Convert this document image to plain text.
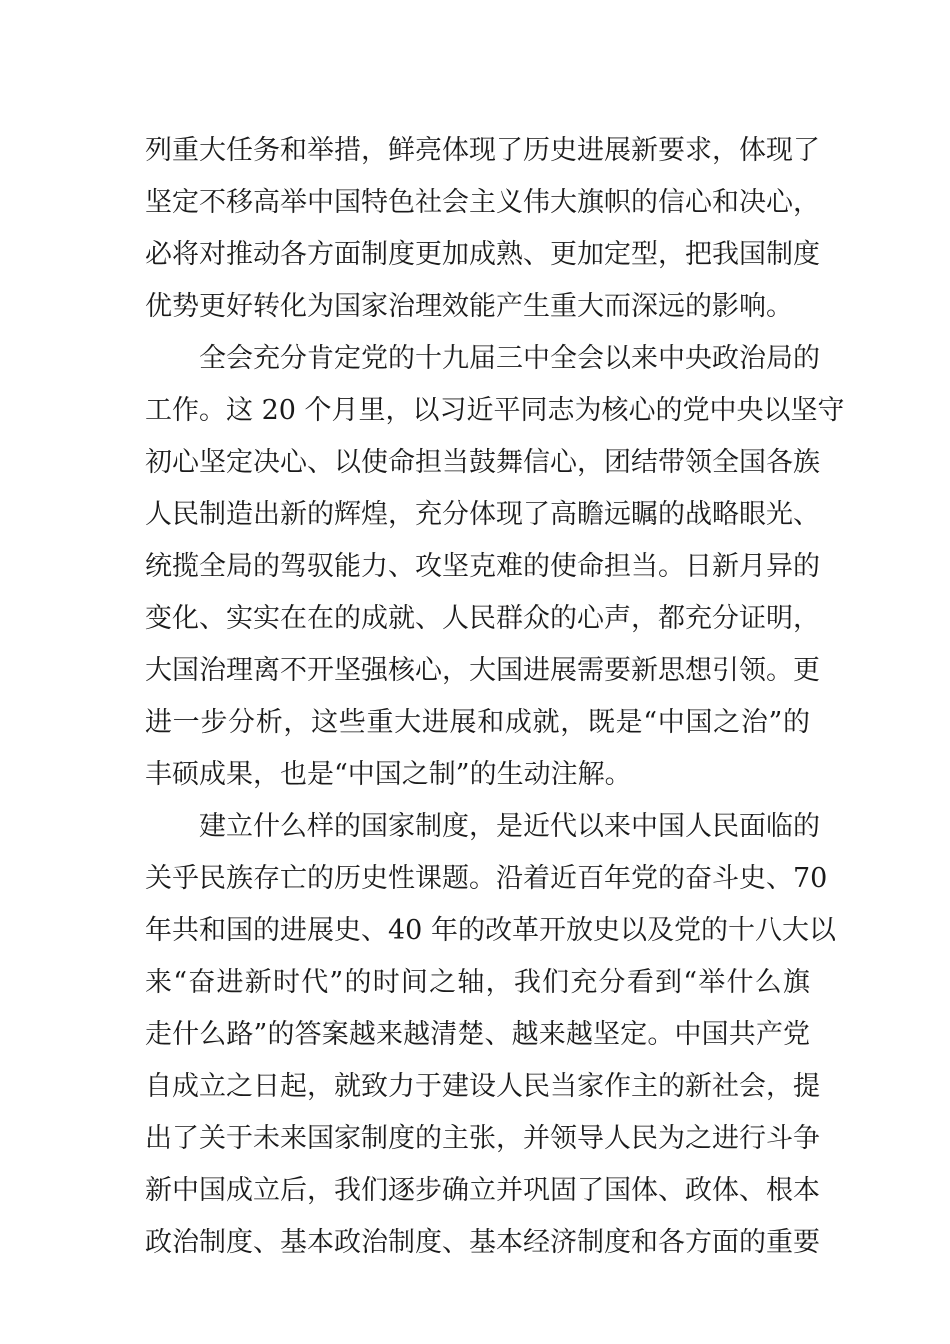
列重大任务和举措，鲜亮体现了历史进展新要求，体现了
坚定不移高举中国特色社会主义伟大旗帜的信心和决心，
必将对推动各方面制度更加成熟、更加定型，把我国制度
优势更好转化为国家治理效能产生重大而深远的影响。
全会充分肯定党的十九届三中全会以来中央政治局的
工作。这 20 个月里，以习近平同志为核心的党中央以坚守
初心坚定决心、以使命担当鼓舞信心，团结带领全国各族
人民制造出新的辉煌，充分体现了高瞻远瞩的战略眼光、
统揽全局的驾驭能力、攻坚克难的使命担当。日新月异的
变化、实实在在的成就、人民群众的心声，都充分证明，
大国治理离不开坚强核心，大国进展需要新思想引领。更
进一步分析，这些重大进展和成就，既是“中国之治”的
丰硕成果，也是“中国之制”的生动注解。
建立什么样的国家制度，是近代以来中国人民面临的
关乎民族存亡的历史性课题。沿着近百年党的奋斗史、70
年共和国的进展史、40 年的改革开放史以及党的十八大以
来“奋进新时代”的时间之轴，我们充分看到“举什么旗
走什么路”的答案越来越清楚、越来越坚定。中国共产党
自成立之日起，就致力于建设人民当家作主的新社会，提
出了关于未来国家制度的主张，并领导人民为之进行斗争
新中国成立后，我们逐步确立并巩固了国体、政体、根本
政治制度、基本政治制度、基本经济制度和各方面的重要
